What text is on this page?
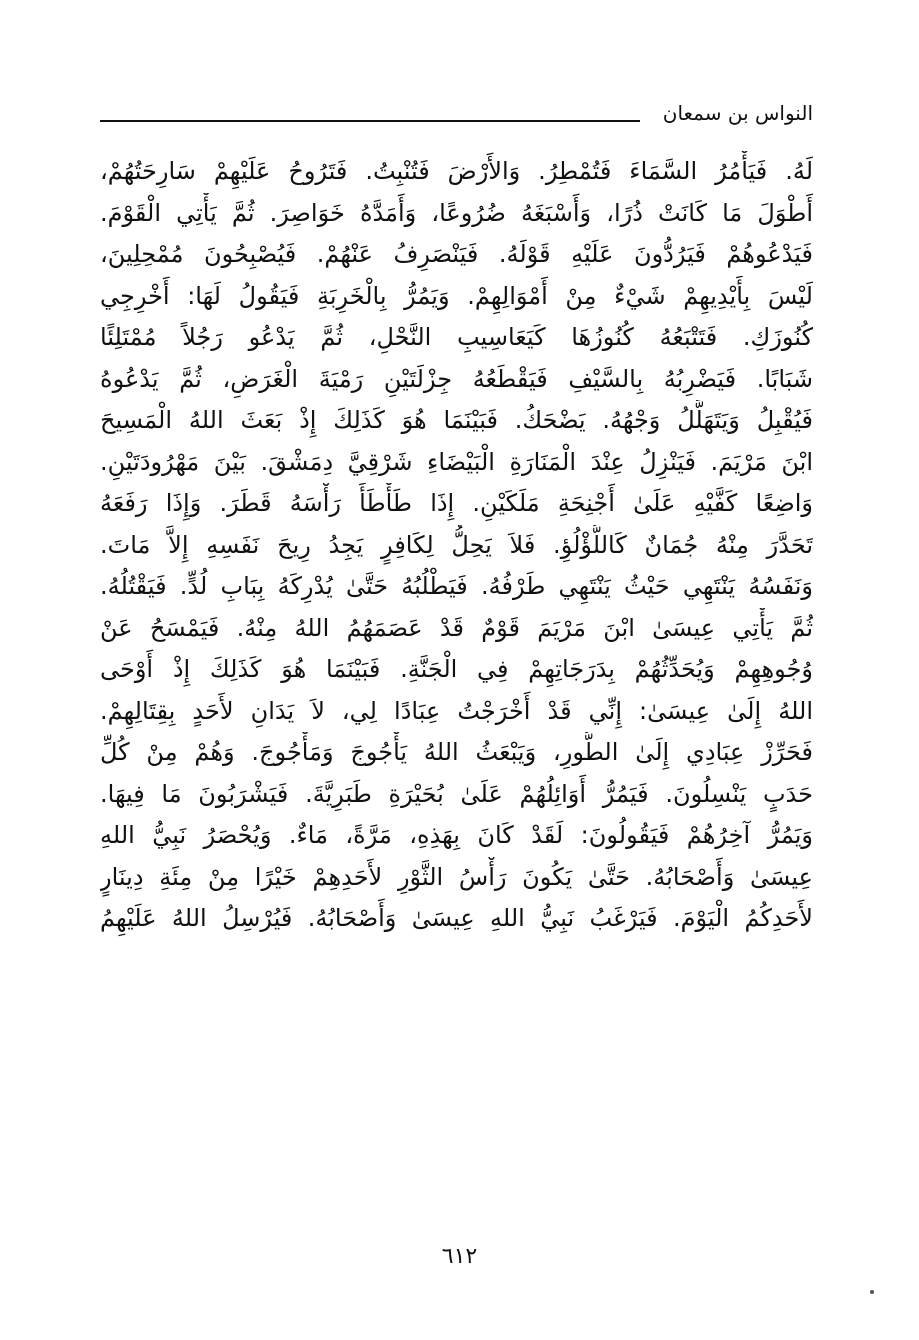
النواس بن سمعان
لَهُ. فَيَأْمُرُ السَّمَاءَ فَتُمْطِرُ. وَالأَرْضَ فَتُنْبِتُ. فَتَرُوحُ عَلَيْهِمْ سَارِحَتُهُمْ،
أَطْوَلَ مَا كَانَتْ ذُرًا، وَأَسْبَغَهُ ضُرُوعًا، وَأَمَدَّهُ خَوَاصِرَ. ثُمَّ يَأْتِي الْقَوْمَ.
فَيَدْعُوهُمْ فَيَرُدُّونَ عَلَيْهِ قَوْلَهُ. فَيَنْصَرِفُ عَنْهُمْ. فَيُصْبِحُونَ مُمْحِلِينَ،
لَيْسَ بِأَيْدِيهِمْ شَيْءٌ مِنْ أَمْوَالِهِمْ. وَيَمُرُّ بِالْخَرِبَةِ فَيَقُولُ لَهَا: أَخْرِجِي
كُنُوزَكِ. فَتَتْبَعُهُ كُنُوزُهَا كَيَعَاسِيبِ النَّحْلِ، ثُمَّ يَدْعُو رَجُلاً مُمْتَلِئًا
شَبَابًا. فَيَضْرِبُهُ بِالسَّيْفِ فَيَقْطَعُهُ جِزْلَتَيْنِ رَمْيَةَ الْغَرَضِ، ثُمَّ يَدْعُوهُ
فَيُقْبِلُ وَيَتَهَلَّلُ وَجْهُهُ. يَضْحَكُ. فَبَيْنَمَا هُوَ كَذَلِكَ إِذْ بَعَثَ اللهُ الْمَسِيحَ
ابْنَ مَرْيَمَ. فَيَنْزِلُ عِنْدَ الْمَنَارَةِ الْبَيْضَاءِ شَرْقِيَّ دِمَشْقَ. بَيْنَ مَهْرُودَتَيْنِ.
وَاضِعًا كَفَّيْهِ عَلَىٰ أَجْنِحَةِ مَلَكَيْنِ. إِذَا طَأْطَأَ رَأْسَهُ قَطَرَ. وَإِذَا رَفَعَهُ
تَحَدَّرَ مِنْهُ جُمَانٌ كَاللُّؤْلُؤِ. فَلاَ يَحِلُّ لِكَافِرٍ يَجِدُ رِيحَ نَفَسِهِ إِلاَّ مَاتَ.
وَنَفَسُهُ يَنْتَهِي حَيْثُ يَنْتَهِي طَرْفُهُ. فَيَطْلُبُهُ حَتَّىٰ يُدْرِكَهُ بِبَابِ لُدٍّ. فَيَقْتُلُهُ.
ثُمَّ يَأْتِي عِيسَىٰ ابْنَ مَرْيَمَ قَوْمٌ قَدْ عَصَمَهُمُ اللهُ مِنْهُ. فَيَمْسَحُ عَنْ
وُجُوهِهِمْ وَيُحَدِّثُهُمْ بِدَرَجَاتِهِمْ فِي الْجَنَّةِ. فَبَيْنَمَا هُوَ كَذَلِكَ إِذْ أَوْحَى
اللهُ إِلَىٰ عِيسَىٰ: إِنِّي قَدْ أَخْرَجْتُ عِبَادًا لِي، لاَ يَدَانِ لأَحَدٍ بِقِتَالِهِمْ.
فَحَرِّزْ عِبَادِي إِلَىٰ الطُّورِ، وَيَبْعَثُ اللهُ يَأْجُوجَ وَمَأْجُوجَ. وَهُمْ مِنْ كُلِّ
حَدَبٍ يَنْسِلُونَ. فَيَمُرُّ أَوَائِلُهُمْ عَلَىٰ بُحَيْرَةِ طَبَرِيَّةَ. فَيَشْرَبُونَ مَا فِيهَا.
وَيَمُرُّ آخِرُهُمْ فَيَقُولُونَ: لَقَدْ كَانَ بِهَذِهِ، مَرَّةً، مَاءٌ. وَيُحْصَرُ نَبِيُّ اللهِ
عِيسَىٰ وَأَصْحَابُهُ. حَتَّىٰ يَكُونَ رَأْسُ الثَّوْرِ لأَحَدِهِمْ خَيْرًا مِنْ مِئَةِ دِينَارٍ
لأَحَدِكُمُ الْيَوْمَ. فَيَرْغَبُ نَبِيُّ اللهِ عِيسَىٰ وَأَصْحَابُهُ. فَيُرْسِلُ اللهُ عَلَيْهِمُ
٦١٢
